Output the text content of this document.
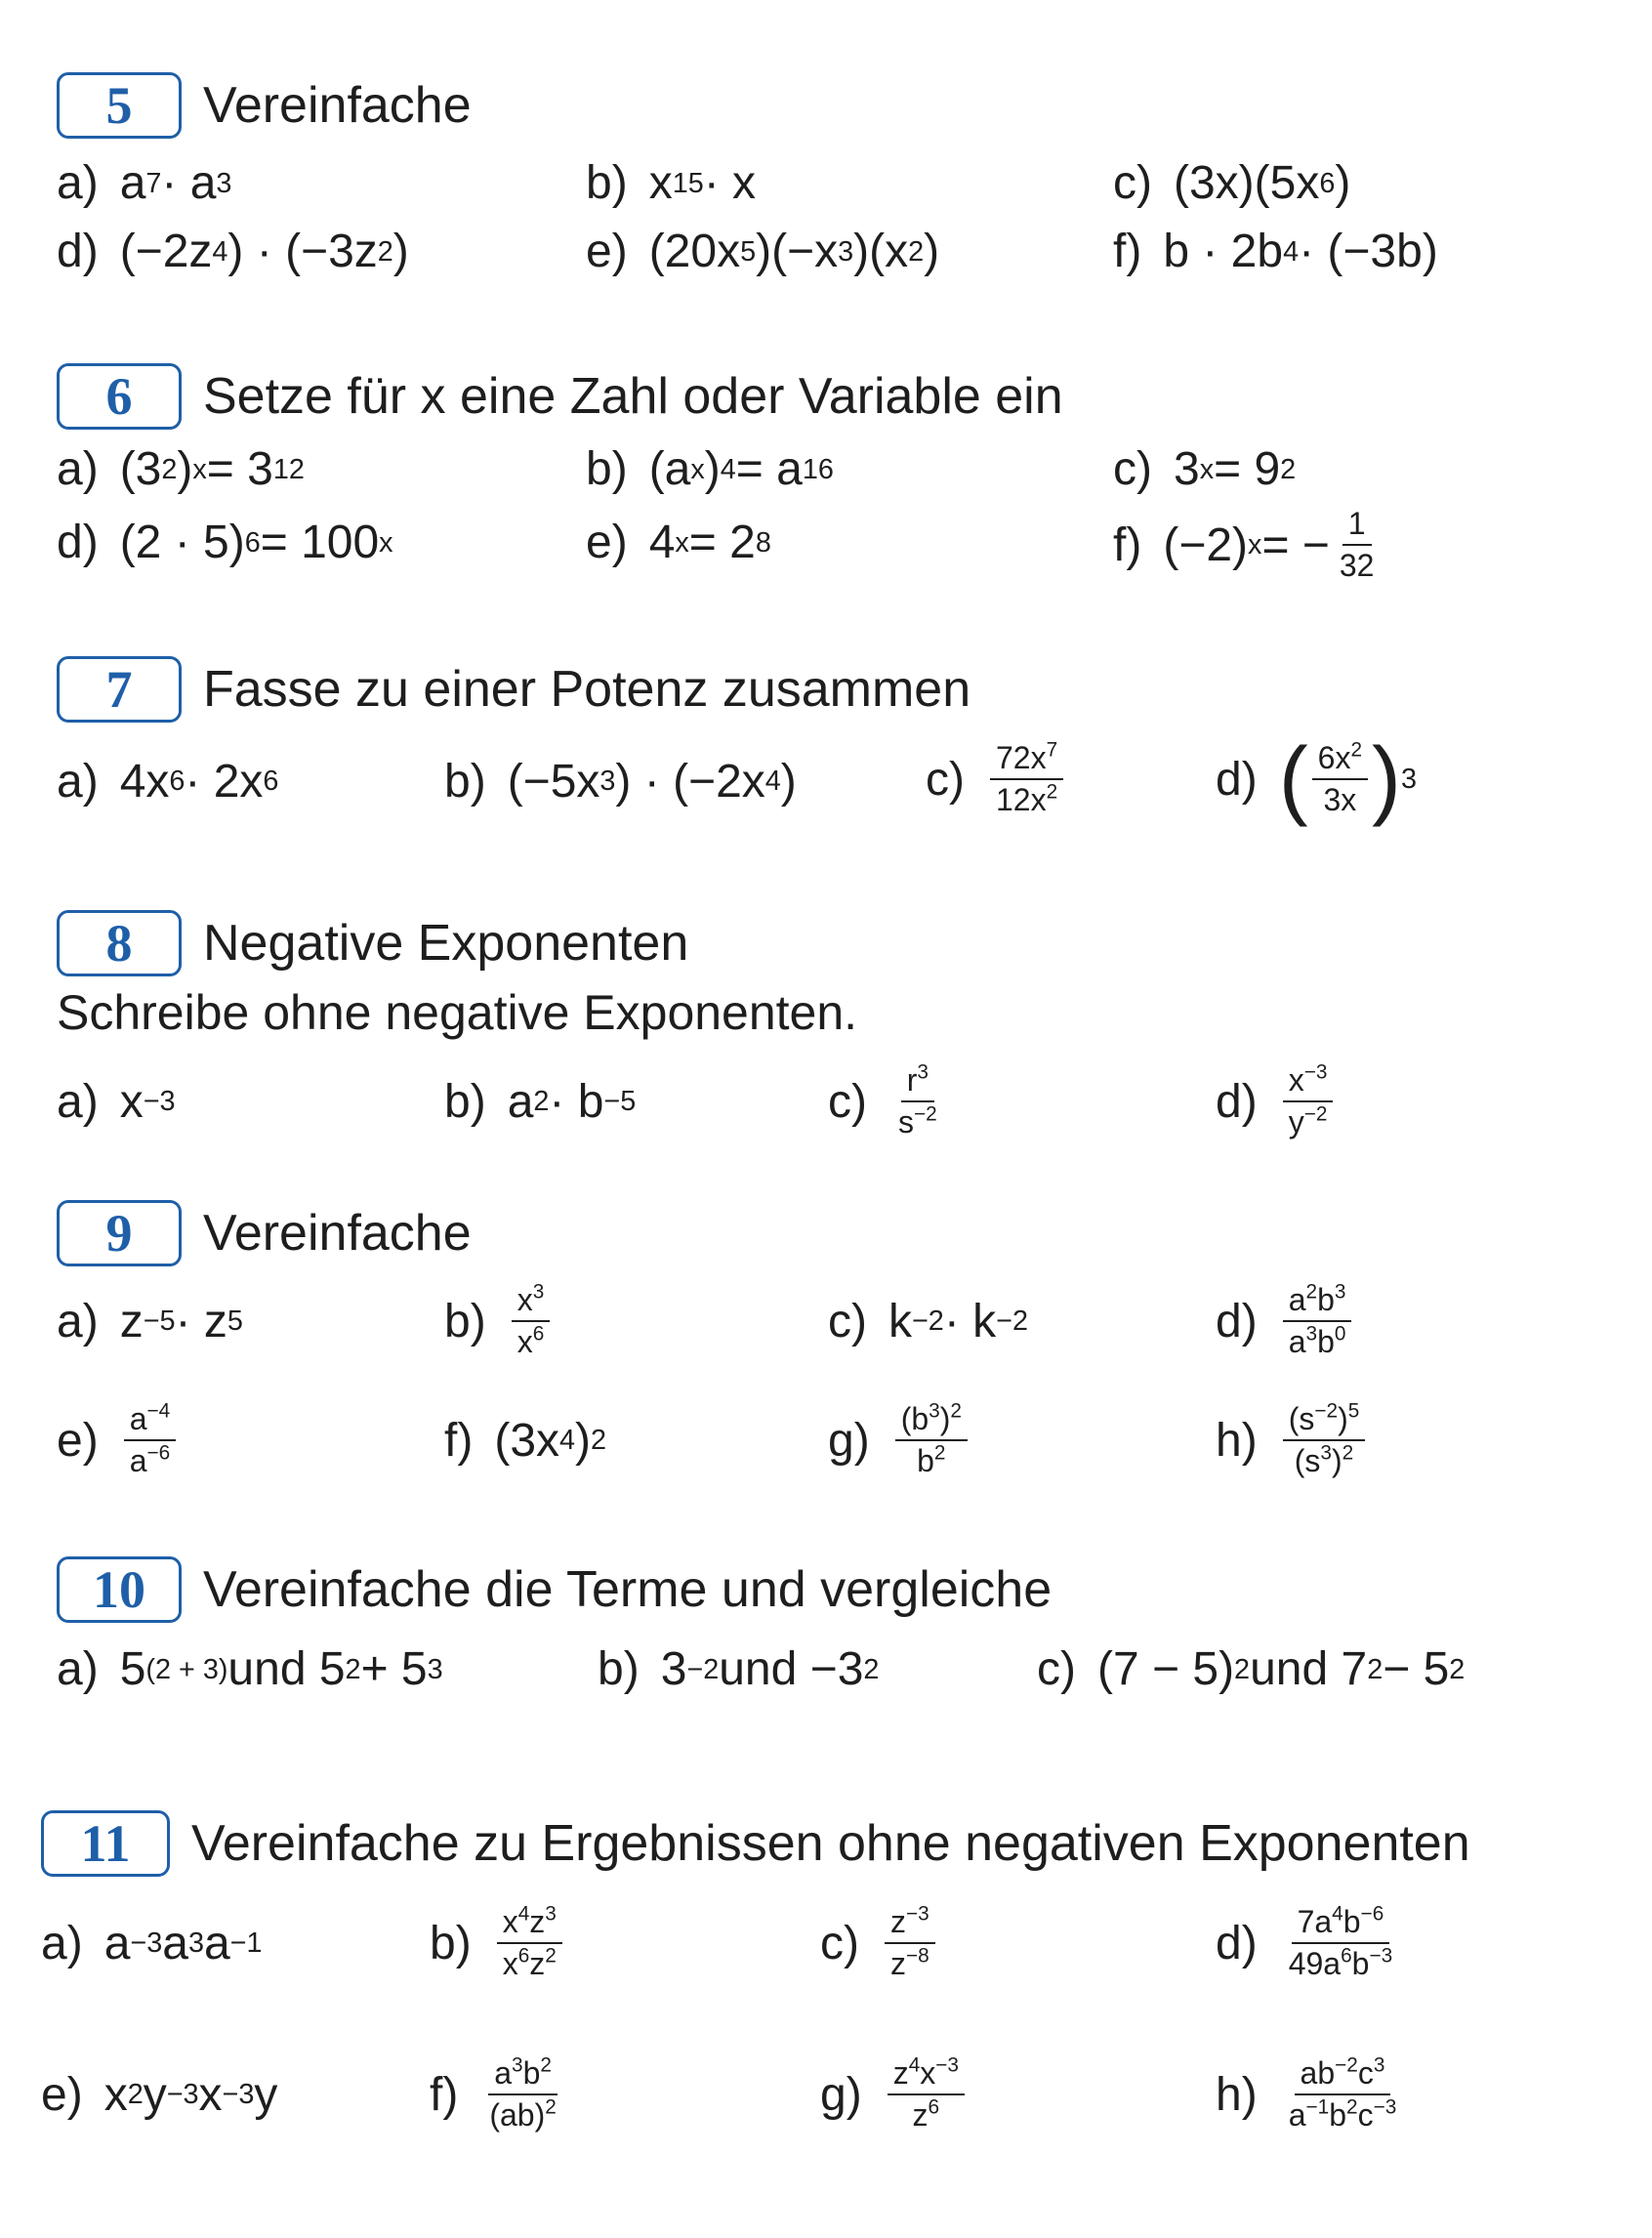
5	Vereinfache
a) a 7 · a 3	b) x 15 · x	c) (3x)(5x 6 )
d) (−2z 4 ) · (−3z 2 )	e) (20x 5 )(−x 3 )(x 2 )	f) b · 2b 4 · (−3b)
6	Setze für x eine Zahl oder Variable ein
a) (3 2 ) x = 3 12	b) (a x ) 4 = a 16	c) 3 x = 9 2
d) (2 · 5) 6 = 100 x	e) 4 x = 2 8	f) (−2) x = − $\frac{1}{32}$
7	Fasse zu einer Potenz zusammen
a) 4x 6 · 2x 6	b) (−5x 3 ) · (−2x 4 )	$c) \frac{72x^7}{12x^2}$	d) ( $\frac{6x^2}{3x}$ ) 3
8	Negative Exponenten
Schreibe ohne negative Exponenten.
a) x −3	b) a 2 · b −5	$c) \frac{r^3}{s^{-2}}$	$d) \frac{x^{-3}}{y^{-2}}$
9	Vereinfache
a) z −5 · z 5	$b) \frac{x^3}{x^6}$	c) k −2 · k −2	$d) \frac{a^2b^3}{a^3b^0}$
$e) \frac{a^{-4}}{a^{-6}}$	f) (3x 4 ) 2	$g) \frac{(b^3)^2}{b^2}$	$h) \frac{(s^{-2})^5}{(s^3)^2}$
10	Vereinfache die Terme und vergleiche
a) 5 (2 + 3) und 5 2 + 5 3	b) 3 −2 und −3 2	c) (7 − 5) 2 und 7 2 − 5 2
11	Vereinfache zu Ergebnissen ohne negativen Exponenten
a) a −3 a 3 a −1	$b) \frac{x^4z^3}{x^6z^2}$	$c) \frac{z^{-3}}{z^{-8}}$	$d) \frac{7a^4b^{-6}}{49a^6b^{-3}}$
e) x 2 y −3 x −3 y	$f) \frac{a^3b^2}{(ab)^2}$	$g) \frac{z^4x^{-3}}{z^6}$	$h) \frac{ab^{-2}c^3}{a^{-1}b^2c^{-3}}$
